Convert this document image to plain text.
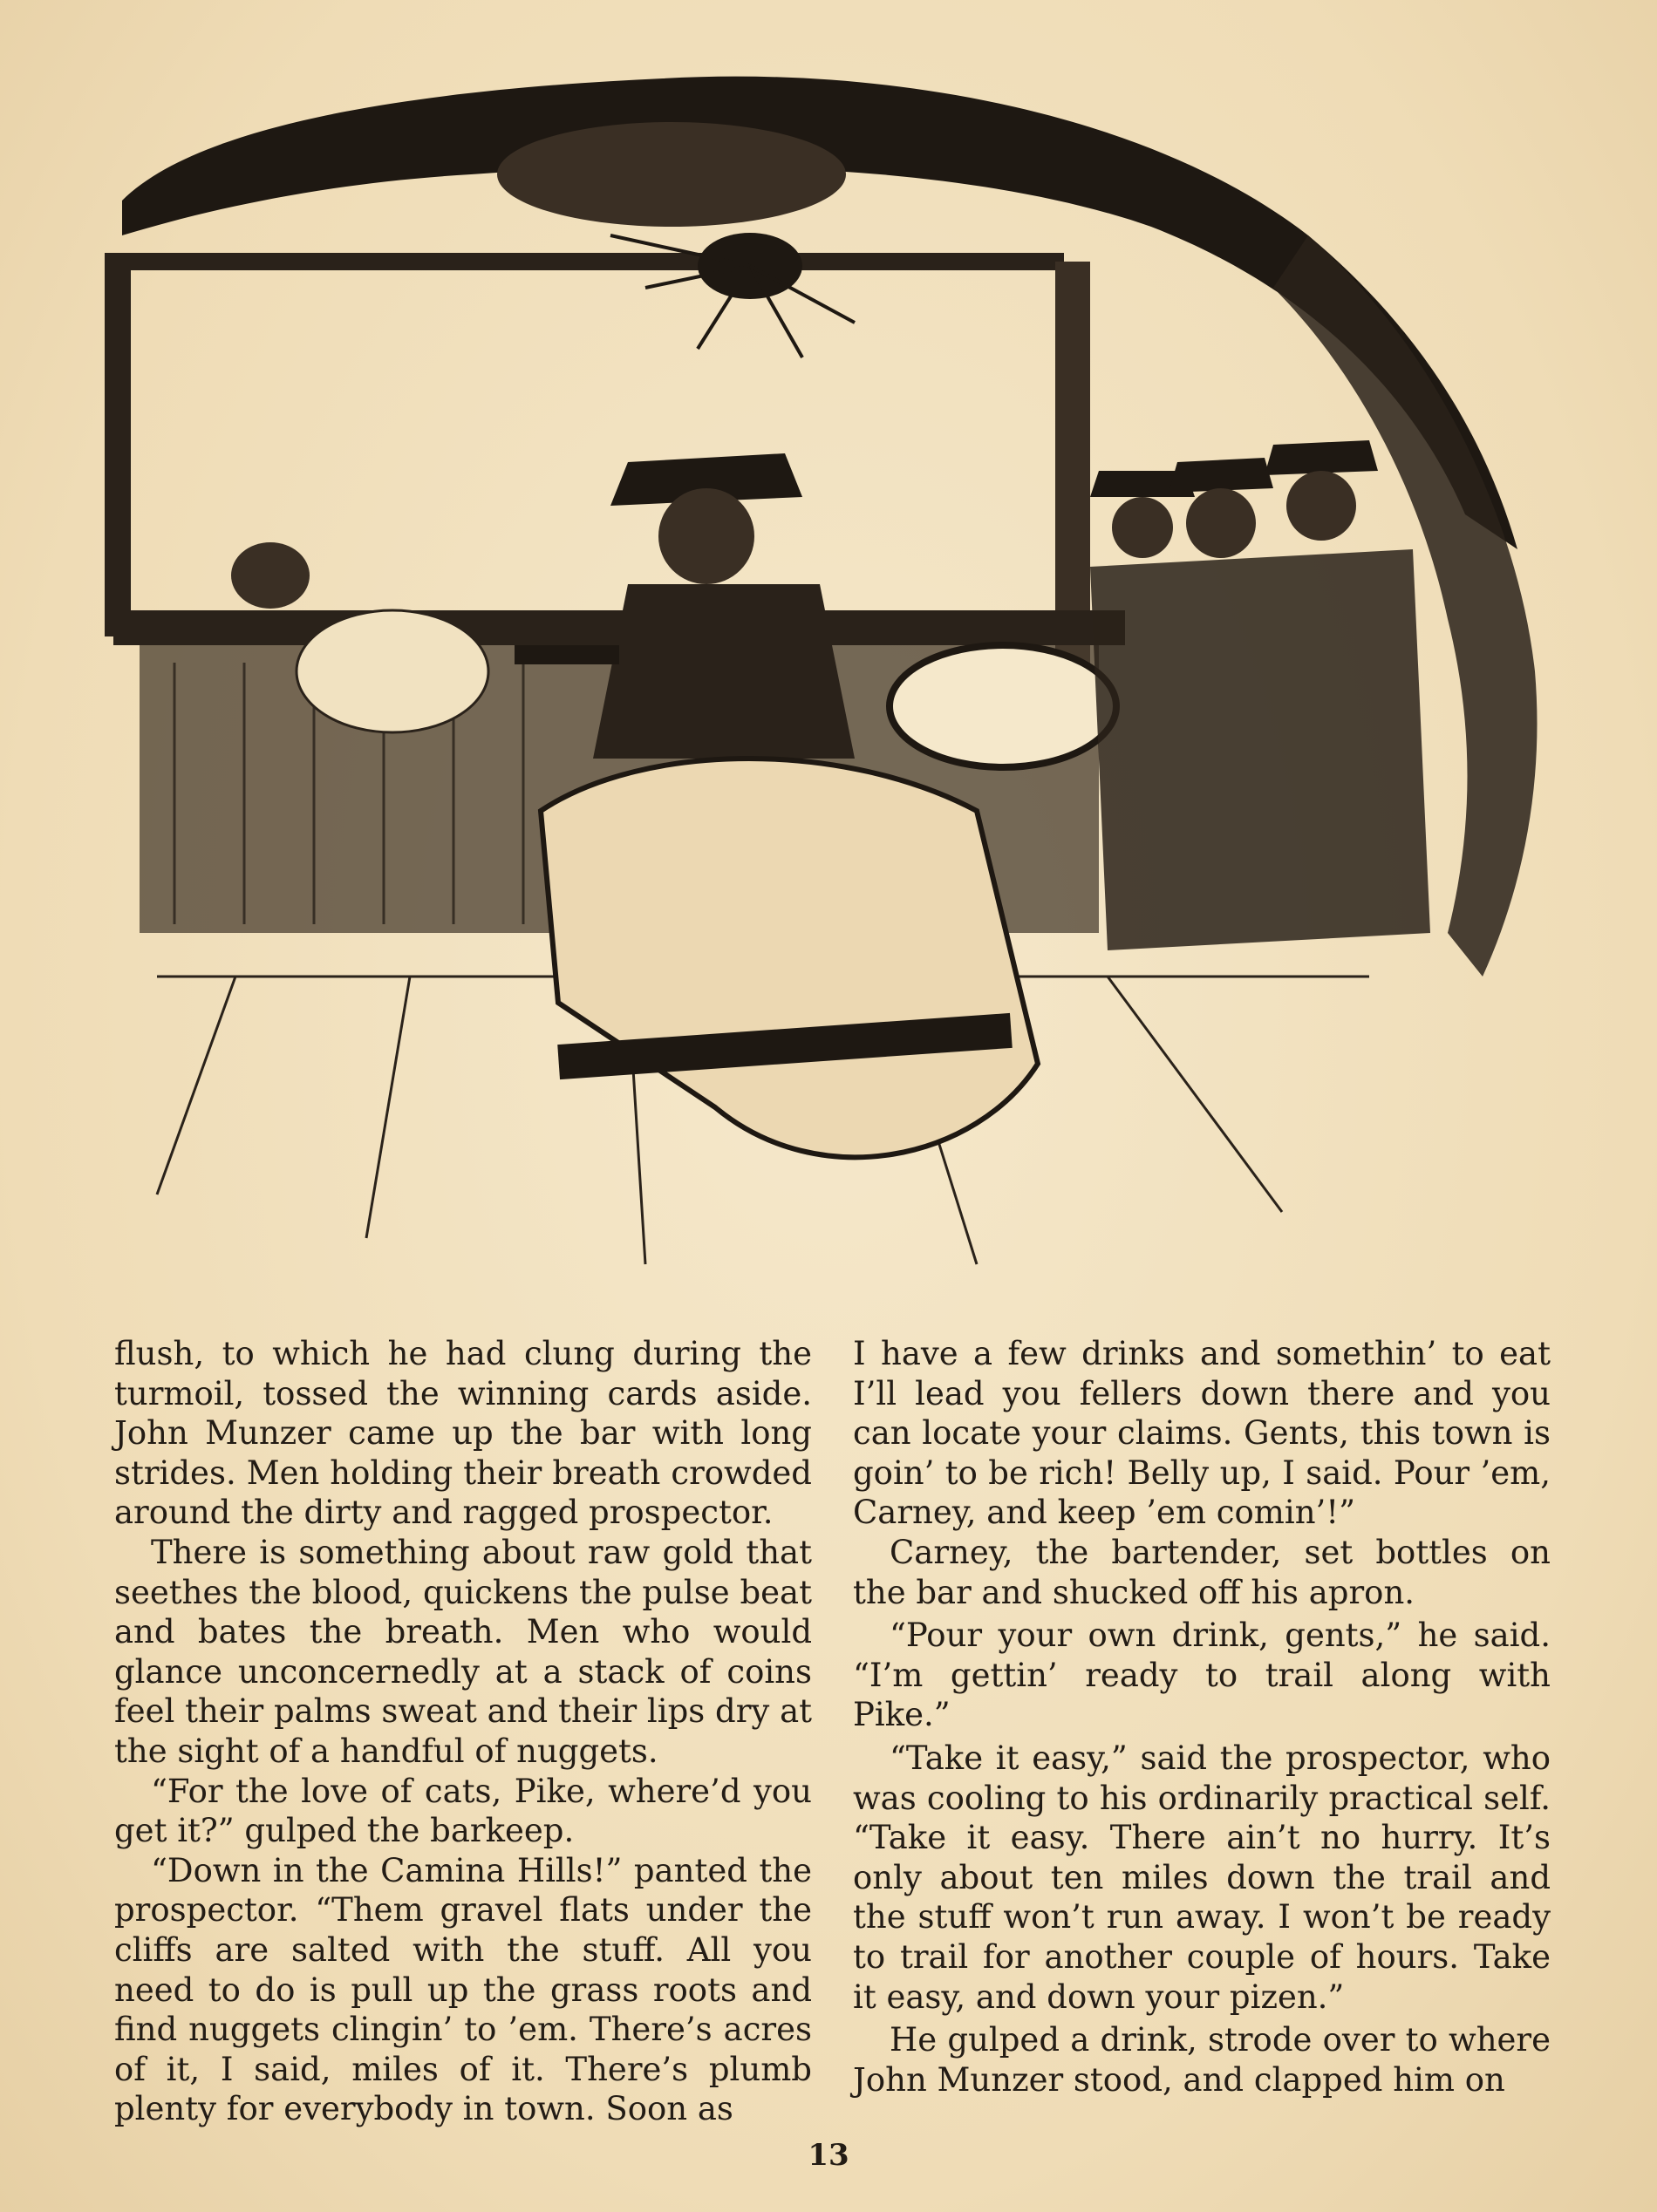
flush, to which he had clung during the turmoil, tossed the winning cards aside. John Munzer came up the bar with long strides. Men holding their breath crowded around the dirty and ragged prospector.

There is something about raw gold that seethes the blood, quickens the pulse beat and bates the breath. Men who would glance unconcernedly at a stack of coins feel their palms sweat and their lips dry at the sight of a handful of nuggets.

“For the love of cats, Pike, where’d you get it?” gulped the barkeep.

“Down in the Camina Hills!” panted the prospector. “Them gravel flats under the cliffs are salted with the stuff. All you need to do is pull up the grass roots and find nuggets clingin’ to ’em. There’s acres of it, I said, miles of it. There’s plumb plenty for everybody in town. Soon as

I have a few drinks and somethin’ to eat I’ll lead you fellers down there and you can locate your claims. Gents, this town is goin’ to be rich! Belly up, I said. Pour ’em, Carney, and keep ’em comin’!”

Carney, the bartender, set bottles on the bar and shucked off his apron.

“Pour your own drink, gents,” he said. “I’m gettin’ ready to trail along with Pike.”

“Take it easy,” said the prospector, who was cooling to his ordinarily practical self. “Take it easy. There ain’t no hurry. It’s only about ten miles down the trail and the stuff won’t run away. I won’t be ready to trail for another couple of hours. Take it easy, and down your pizen.”

He gulped a drink, strode over to where John Munzer stood, and clapped him on

13
